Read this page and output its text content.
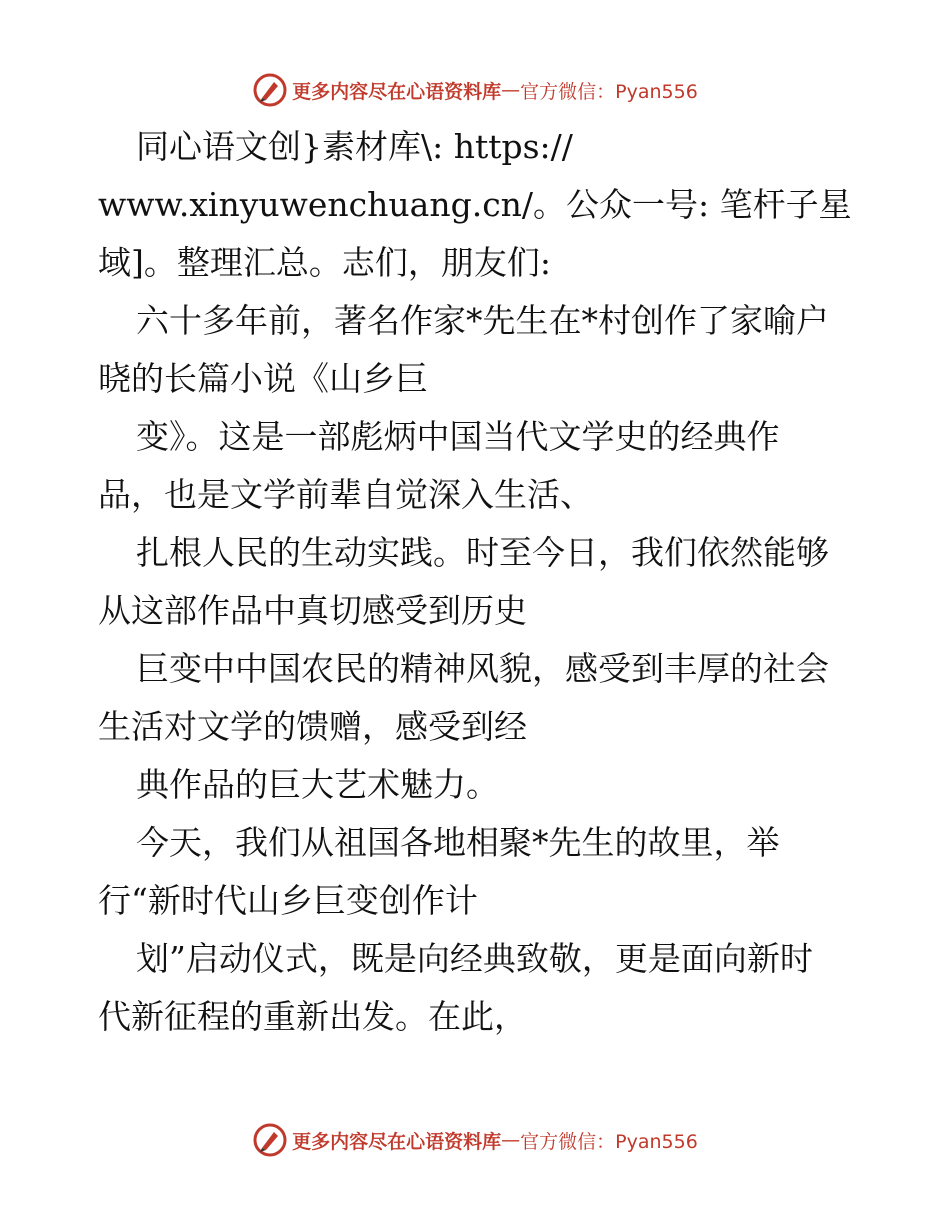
更多内容尽在心语资料库 — 官方微信：Pyan556
同心语文创}素材库\: https://
www.xinyuwenchuang.cn/。公众一号: 笔杆子星
域]。整理汇总。志们，朋友们:
六十多年前，著名作家*先生在*村创作了家喻户
晓的长篇小说《山乡巨
变》。这是一部彪炳中国当代文学史的经典作
品，也是文学前辈自觉深入生活、
扎根人民的生动实践。时至今日，我们依然能够
从这部作品中真切感受到历史
巨变中中国农民的精神风貌，感受到丰厚的社会
生活对文学的馈赠，感受到经
典作品的巨大艺术魅力。
今天，我们从祖国各地相聚*先生的故里，举
行“新时代山乡巨变创作计
划”启动仪式，既是向经典致敬，更是面向新时
代新征程的重新出发。在此，
更多内容尽在心语资料库 — 官方微信：Pyan556
